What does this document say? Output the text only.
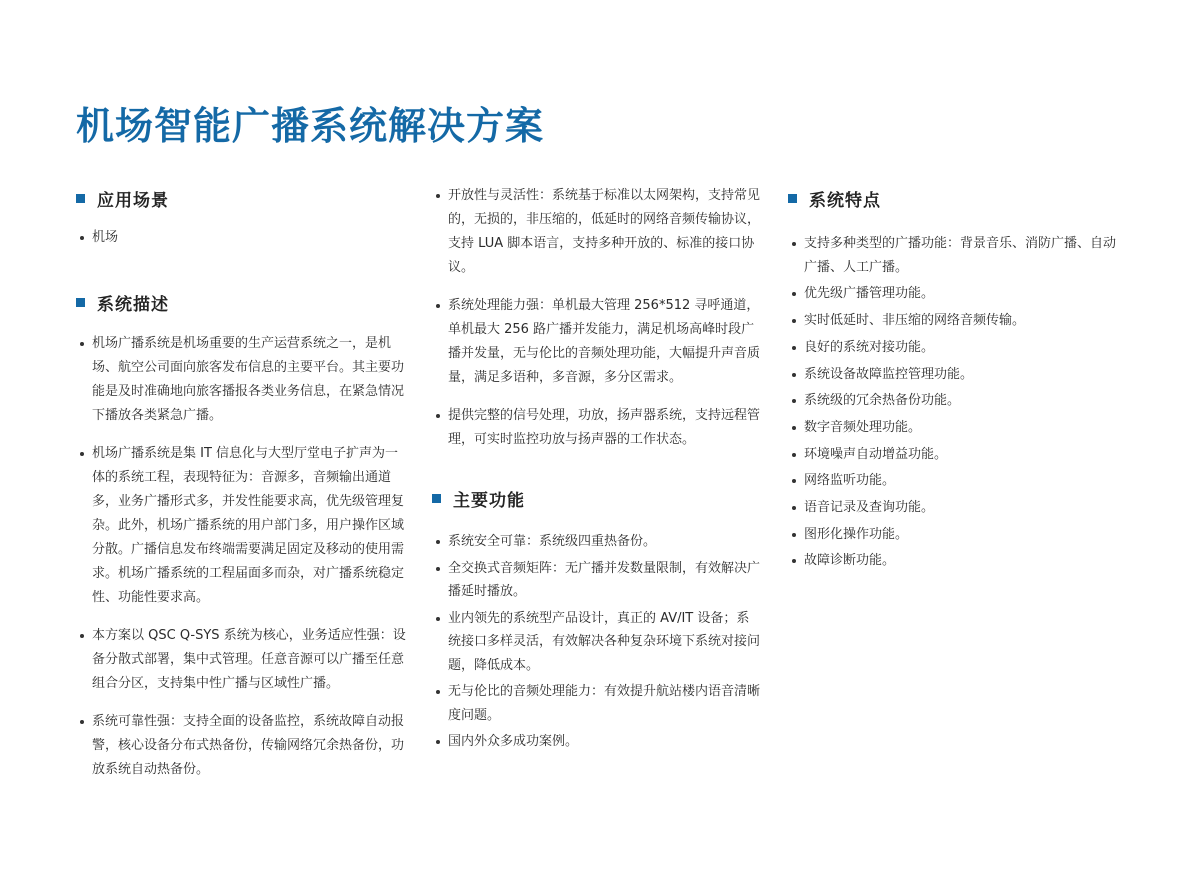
机场智能广播系统解决方案
应用场景
机场
系统描述
机场广播系统是机场重要的生产运营系统之一，是机场、航空公司面向旅客发布信息的主要平台。其主要功能是及时准确地向旅客播报各类业务信息，在紧急情况下播放各类紧急广播。
机场广播系统是集 IT 信息化与大型厅堂电子扩声为一体的系统工程，表现特征为：音源多，音频输出通道多，业务广播形式多，并发性能要求高，优先级管理复杂。此外，机场广播系统的用户部门多，用户操作区域分散。广播信息发布终端需要满足固定及移动的使用需求。机场广播系统的工程届面多而杂，对广播系统稳定性、功能性要求高。
本方案以 QSC Q-SYS 系统为核心，业务适应性强：设备分散式部署，集中式管理。任意音源可以广播至任意组合分区，支持集中性广播与区域性广播。
系统可靠性强：支持全面的设备监控，系统故障自动报警，核心设备分布式热备份，传输网络冗余热备份，功放系统自动热备份。
开放性与灵活性：系统基于标准以太网架构，支持常见的，无损的，非压缩的，低延时的网络音频传输协议，支持 LUA 脚本语言，支持多种开放的、标准的接口协议。
系统处理能力强：单机最大管理 256*512 寻呼通道，单机最大 256 路广播并发能力，满足机场高峰时段广播并发量，无与伦比的音频处理功能，大幅提升声音质量，满足多语种，多音源，多分区需求。
提供完整的信号处理，功放，扬声器系统，支持远程管理，可实时监控功放与扬声器的工作状态。
主要功能
系统安全可靠：系统级四重热备份。
全交换式音频矩阵：无广播并发数量限制，有效解决广播延时播放。
业内领先的系统型产品设计，真正的 AV/IT 设备；系统接口多样灵活，有效解决各种复杂环境下系统对接问题，降低成本。
无与伦比的音频处理能力：有效提升航站楼内语音清晰度问题。
国内外众多成功案例。
系统特点
支持多种类型的广播功能：背景音乐、消防广播、自动广播、人工广播。
优先级广播管理功能。
实时低延时、非压缩的网络音频传输。
良好的系统对接功能。
系统设备故障监控管理功能。
系统级的冗余热备份功能。
数字音频处理功能。
环境噪声自动增益功能。
网络监听功能。
语音记录及查询功能。
图形化操作功能。
故障诊断功能。
